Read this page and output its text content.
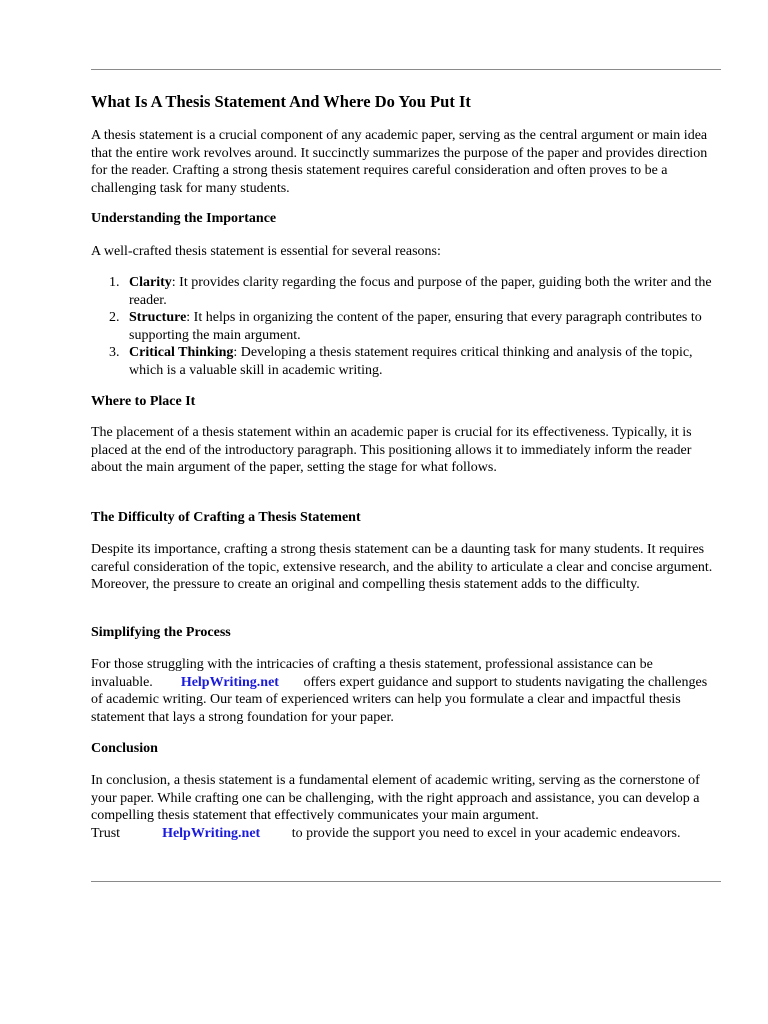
What Is A Thesis Statement And Where Do You Put It

A thesis statement is a crucial component of any academic paper, serving as the central argument or main idea that the entire work revolves around. It succinctly summarizes the purpose of the paper and provides direction for the reader. Crafting a strong thesis statement requires careful consideration and often proves to be a challenging task for many students.

Understanding the Importance

A well-crafted thesis statement is essential for several reasons:

1. Clarity: It provides clarity regarding the focus and purpose of the paper, guiding both the writer and the reader.
2. Structure: It helps in organizing the content of the paper, ensuring that every paragraph contributes to supporting the main argument.
3. Critical Thinking: Developing a thesis statement requires critical thinking and analysis of the topic, which is a valuable skill in academic writing.
Where to Place It

The placement of a thesis statement within an academic paper is crucial for its effectiveness. Typically, it is placed at the end of the introductory paragraph. This positioning allows it to immediately inform the reader about the main argument of the paper, setting the stage for what follows.

The Difficulty of Crafting a Thesis Statement

Despite its importance, crafting a strong thesis statement can be a daunting task for many students. It requires careful consideration of the topic, extensive research, and the ability to articulate a clear and concise argument. Moreover, the pressure to create an original and compelling thesis statement adds to the difficulty.

Simplifying the Process

For those struggling with the intricacies of crafting a thesis statement, professional assistance can be invaluable. HelpWriting.net offers expert guidance and support to students navigating the challenges of academic writing. Our team of experienced writers can help you formulate a clear and impactful thesis statement that lays a strong foundation for your paper.

Conclusion

In conclusion, a thesis statement is a fundamental element of academic writing, serving as the cornerstone of your paper. While crafting one can be challenging, with the right approach and assistance, you can develop a compelling thesis statement that effectively communicates your main argument. Trust	HelpWriting.net to provide the support you need to excel in your academic endeavors.
